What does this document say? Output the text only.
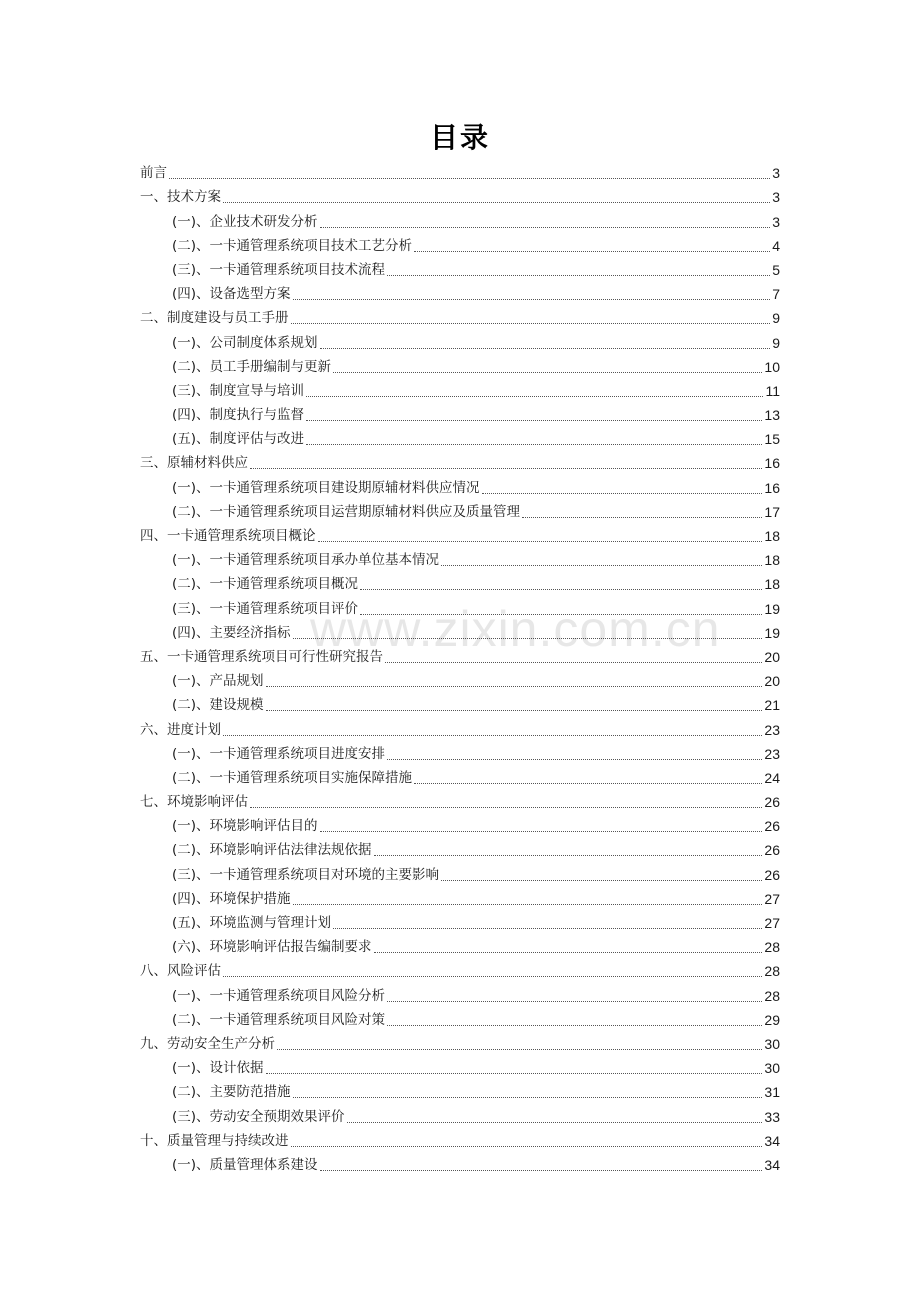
目录
前言	3
一、技术方案	3
(一)、企业技术研发分析	3
(二)、一卡通管理系统项目技术工艺分析	4
(三)、一卡通管理系统项目技术流程	5
(四)、设备选型方案	7
二、制度建设与员工手册	9
(一)、公司制度体系规划	9
(二)、员工手册编制与更新	10
(三)、制度宣导与培训	11
(四)、制度执行与监督	13
(五)、制度评估与改进	15
三、原辅材料供应	16
(一)、一卡通管理系统项目建设期原辅材料供应情况	16
(二)、一卡通管理系统项目运营期原辅材料供应及质量管理	17
四、一卡通管理系统项目概论	18
(一)、一卡通管理系统项目承办单位基本情况	18
(二)、一卡通管理系统项目概况	18
(三)、一卡通管理系统项目评价	19
(四)、主要经济指标	19
五、一卡通管理系统项目可行性研究报告	20
(一)、产品规划	20
(二)、建设规模	21
六、进度计划	23
(一)、一卡通管理系统项目进度安排	23
(二)、一卡通管理系统项目实施保障措施	24
七、环境影响评估	26
(一)、环境影响评估目的	26
(二)、环境影响评估法律法规依据	26
(三)、一卡通管理系统项目对环境的主要影响	26
(四)、环境保护措施	27
(五)、环境监测与管理计划	27
(六)、环境影响评估报告编制要求	28
八、风险评估	28
(一)、一卡通管理系统项目风险分析	28
(二)、一卡通管理系统项目风险对策	29
九、劳动安全生产分析	30
(一)、设计依据	30
(二)、主要防范措施	31
(三)、劳动安全预期效果评价	33
十、质量管理与持续改进	34
(一)、质量管理体系建设	34
www.zixin.com.cn
